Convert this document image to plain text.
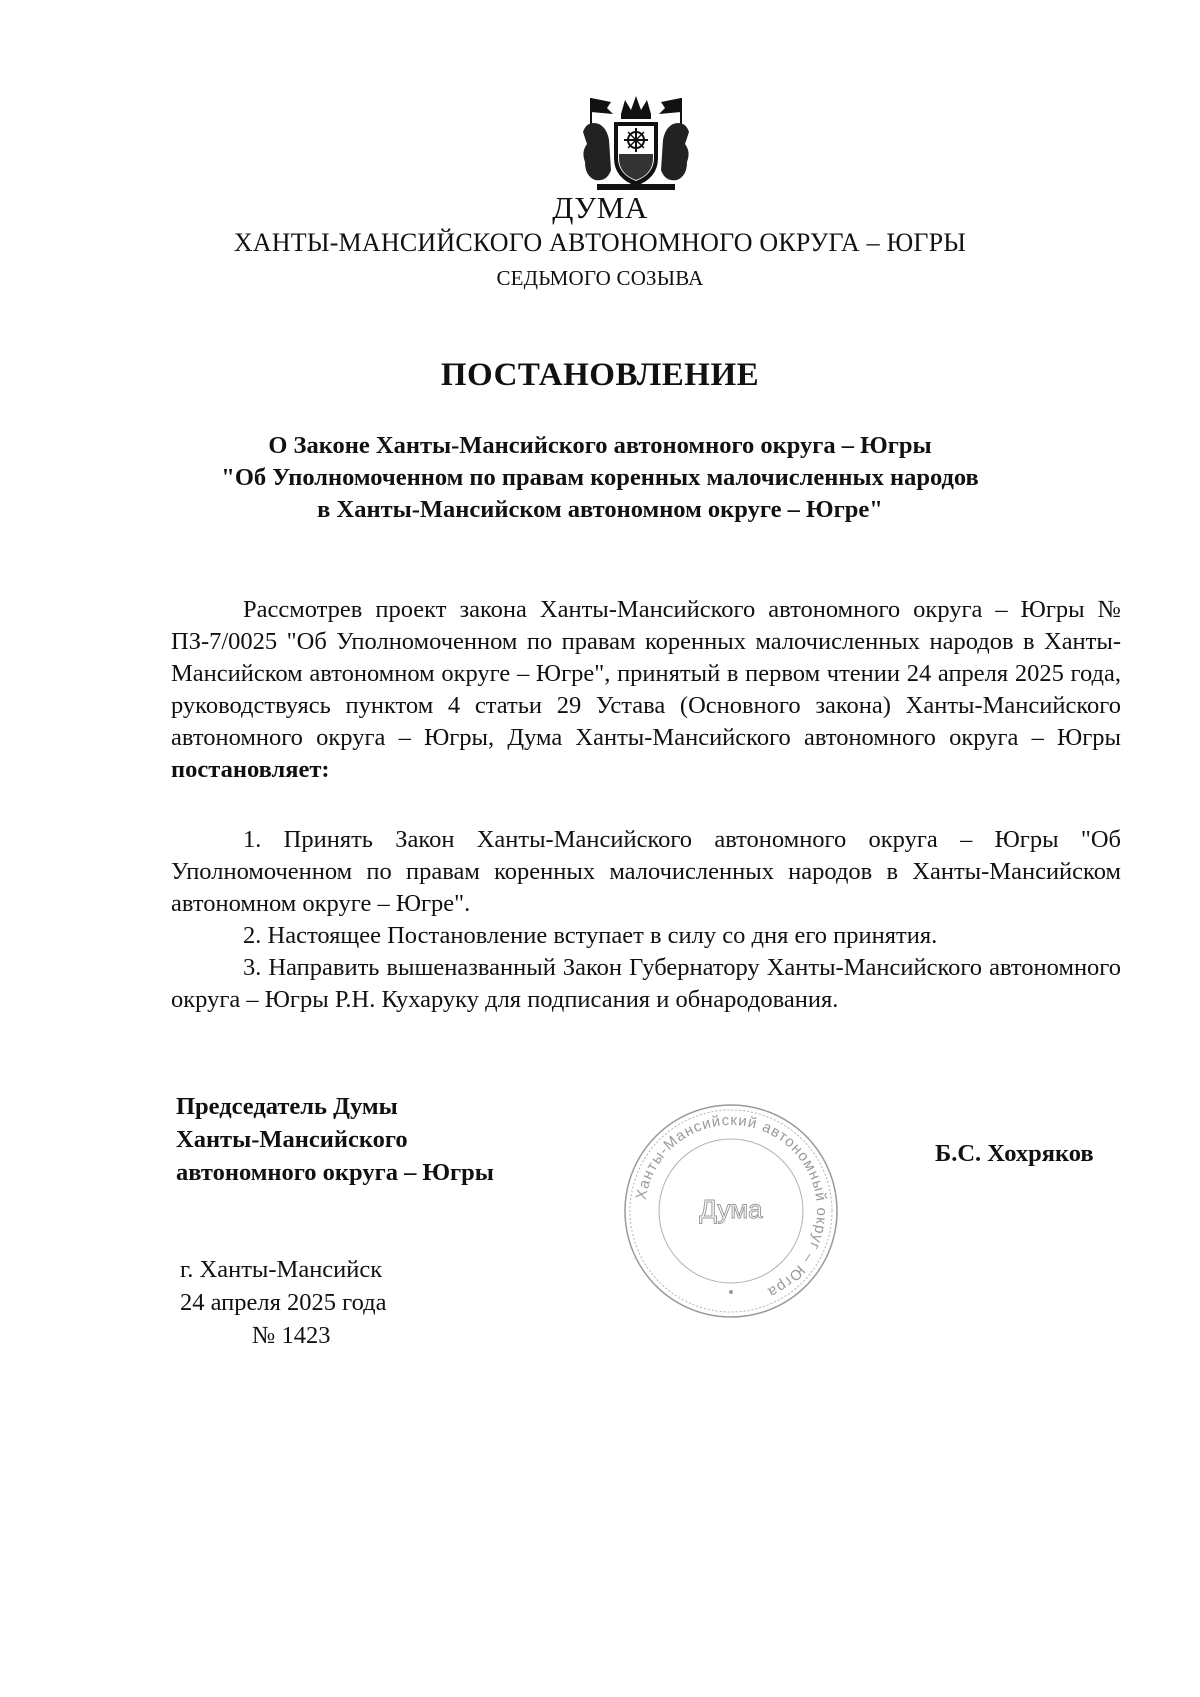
ДУМА
ХАНТЫ-МАНСИЙСКОГО АВТОНОМНОГО ОКРУГА – ЮГРЫ
СЕДЬМОГО СОЗЫВА
ПОСТАНОВЛЕНИЕ
О Законе Ханты-Мансийского автономного округа – Югры
"Об Уполномоченном по правам коренных малочисленных народов
в Ханты-Мансийском автономном округе – Югре"
Рассмотрев проект закона Ханты-Мансийского автономного округа – Югры № ПЗ-7/0025 "Об Уполномоченном по правам коренных малочисленных народов в Ханты-Мансийском автономном округе – Югре", принятый в первом чтении 24 апреля 2025 года, руководствуясь пунктом 4 статьи 29 Устава (Основного закона) Ханты-Мансийского автономного округа – Югры, Дума Ханты-Мансийского автономного округа – Югры постановляет:

1. Принять Закон Ханты-Мансийского автономного округа – Югры "Об Уполномоченном по правам коренных малочисленных народов в Ханты-Мансийском автономном округе – Югре".

2. Настоящее Постановление вступает в силу со дня его принятия.

3. Направить вышеназванный Закон Губернатору Ханты-Мансийского автономного округа – Югры Р.Н. Кухаруку для подписания и обнародования.

Председатель Думы
Ханты-Мансийского
автономного округа – Югры
Ханты-Мансийский автономный округ – Югра
Дума
Б.С. Хохряков
г. Ханты-Мансийск
24 апреля 2025 года
№ 1423
